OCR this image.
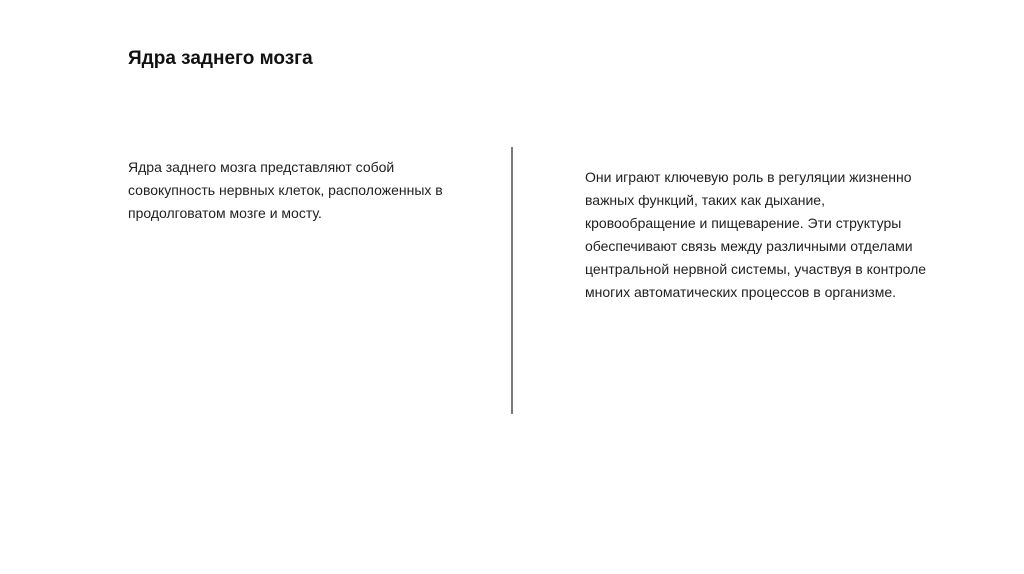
Ядра заднего мозга
Ядра заднего мозга представляют собой
совокупность нервных клеток, расположенных в
продолговатом мозге и мосту.
Они играют ключевую роль в регуляции жизненно
важных функций, таких как дыхание,
кровообращение и пищеварение. Эти структуры
обеспечивают связь между различными отделами
центральной нервной системы, участвуя в контроле
многих автоматических процессов в организме.
